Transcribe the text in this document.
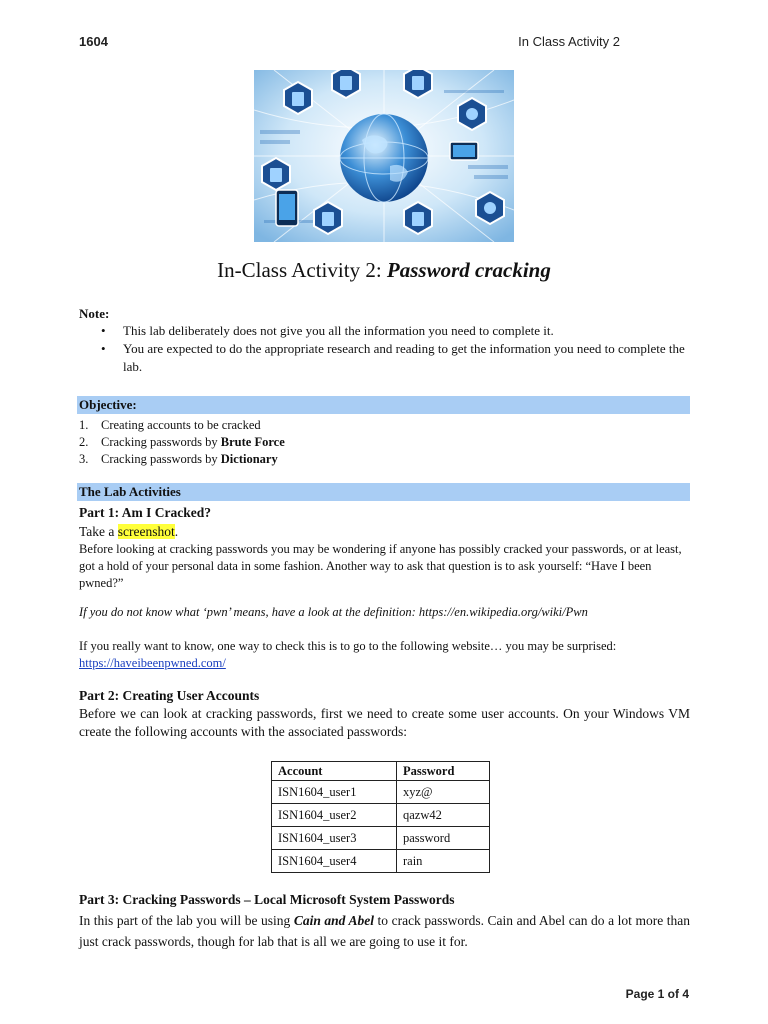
1604	In Class Activity 2
In-Class Activity 2: Password cracking
Note:
• This lab deliberately does not give you all the information you need to complete it.
• You are expected to do the appropriate research and reading to get the information you need to complete the lab.
Objective:
1. Creating accounts to be cracked
2. Cracking passwords by Brute Force
3. Cracking passwords by Dictionary
The Lab Activities
Part 1: Am I Cracked?
Take a screenshot.
Before looking at cracking passwords you may be wondering if anyone has possibly cracked your passwords, or at least, got a hold of your personal data in some fashion. Another way to ask that question is to ask yourself: “Have I been pwned?”
If you do not know what ‘pwn’ means, have a look at the definition: https://en.wikipedia.org/wiki/Pwn
If you really want to know, one way to check this is to go to the following website… you may be surprised:
https://haveibeenpwned.com/
Part 2: Creating User Accounts
Before we can look at cracking passwords, first we need to create some user accounts. On your Windows VM create the following accounts with the associated passwords:
Account	Password
ISN1604_user1	xyz@
ISN1604_user2	qazw42
ISN1604_user3	password
ISN1604_user4	rain
Part 3: Cracking Passwords – Local Microsoft System Passwords
In this part of the lab you will be using Cain and Abel to crack passwords. Cain and Abel can do a lot more than just crack passwords, though for lab that is all we are going to use it for.
Page 1 of 4
